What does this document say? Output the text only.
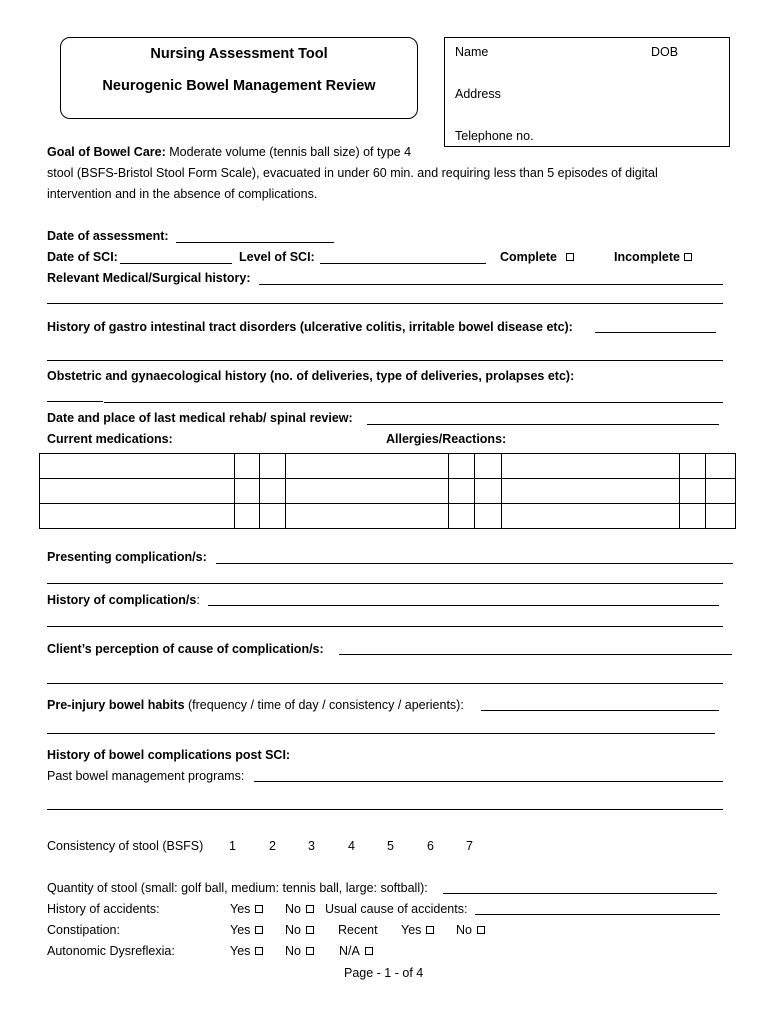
Nursing Assessment Tool
Neurogenic Bowel Management Review
Name	DOB
Address
Telephone no.
Goal of Bowel Care: Moderate volume (tennis ball size) of type 4
stool (BSFS-Bristol Stool Form Scale), evacuated in under 60 min. and requiring less than 5 episodes of digital
intervention and in the absence of complications.
Date of assessment:
Date of SCI:	Level of SCI:	Complete	Incomplete
Relevant Medical/Surgical history:
History of gastro intestinal tract disorders (ulcerative colitis, irritable bowel disease etc):
Obstetric and gynaecological history (no. of deliveries, type of deliveries, prolapses etc):
Date and place of last medical rehab/ spinal review:
Current medications:	Allergies/Reactions:

Presenting complication/s:
History of complication/s:
Client’s perception of cause of complication/s:
Pre-injury bowel habits (frequency / time of day / consistency / aperients):
History of bowel complications post SCI:
Past bowel management programs:
Consistency of stool (BSFS) 1	2	3	4	5	6	7
Quantity of stool (small: golf ball, medium: tennis ball, large: softball):
History of accidents:	Yes	No	Usual cause of accidents:
Constipation:	Yes	No	Recent Yes	No
Autonomic Dysreflexia:	Yes	No	N/A
Page - 1 - of 4
